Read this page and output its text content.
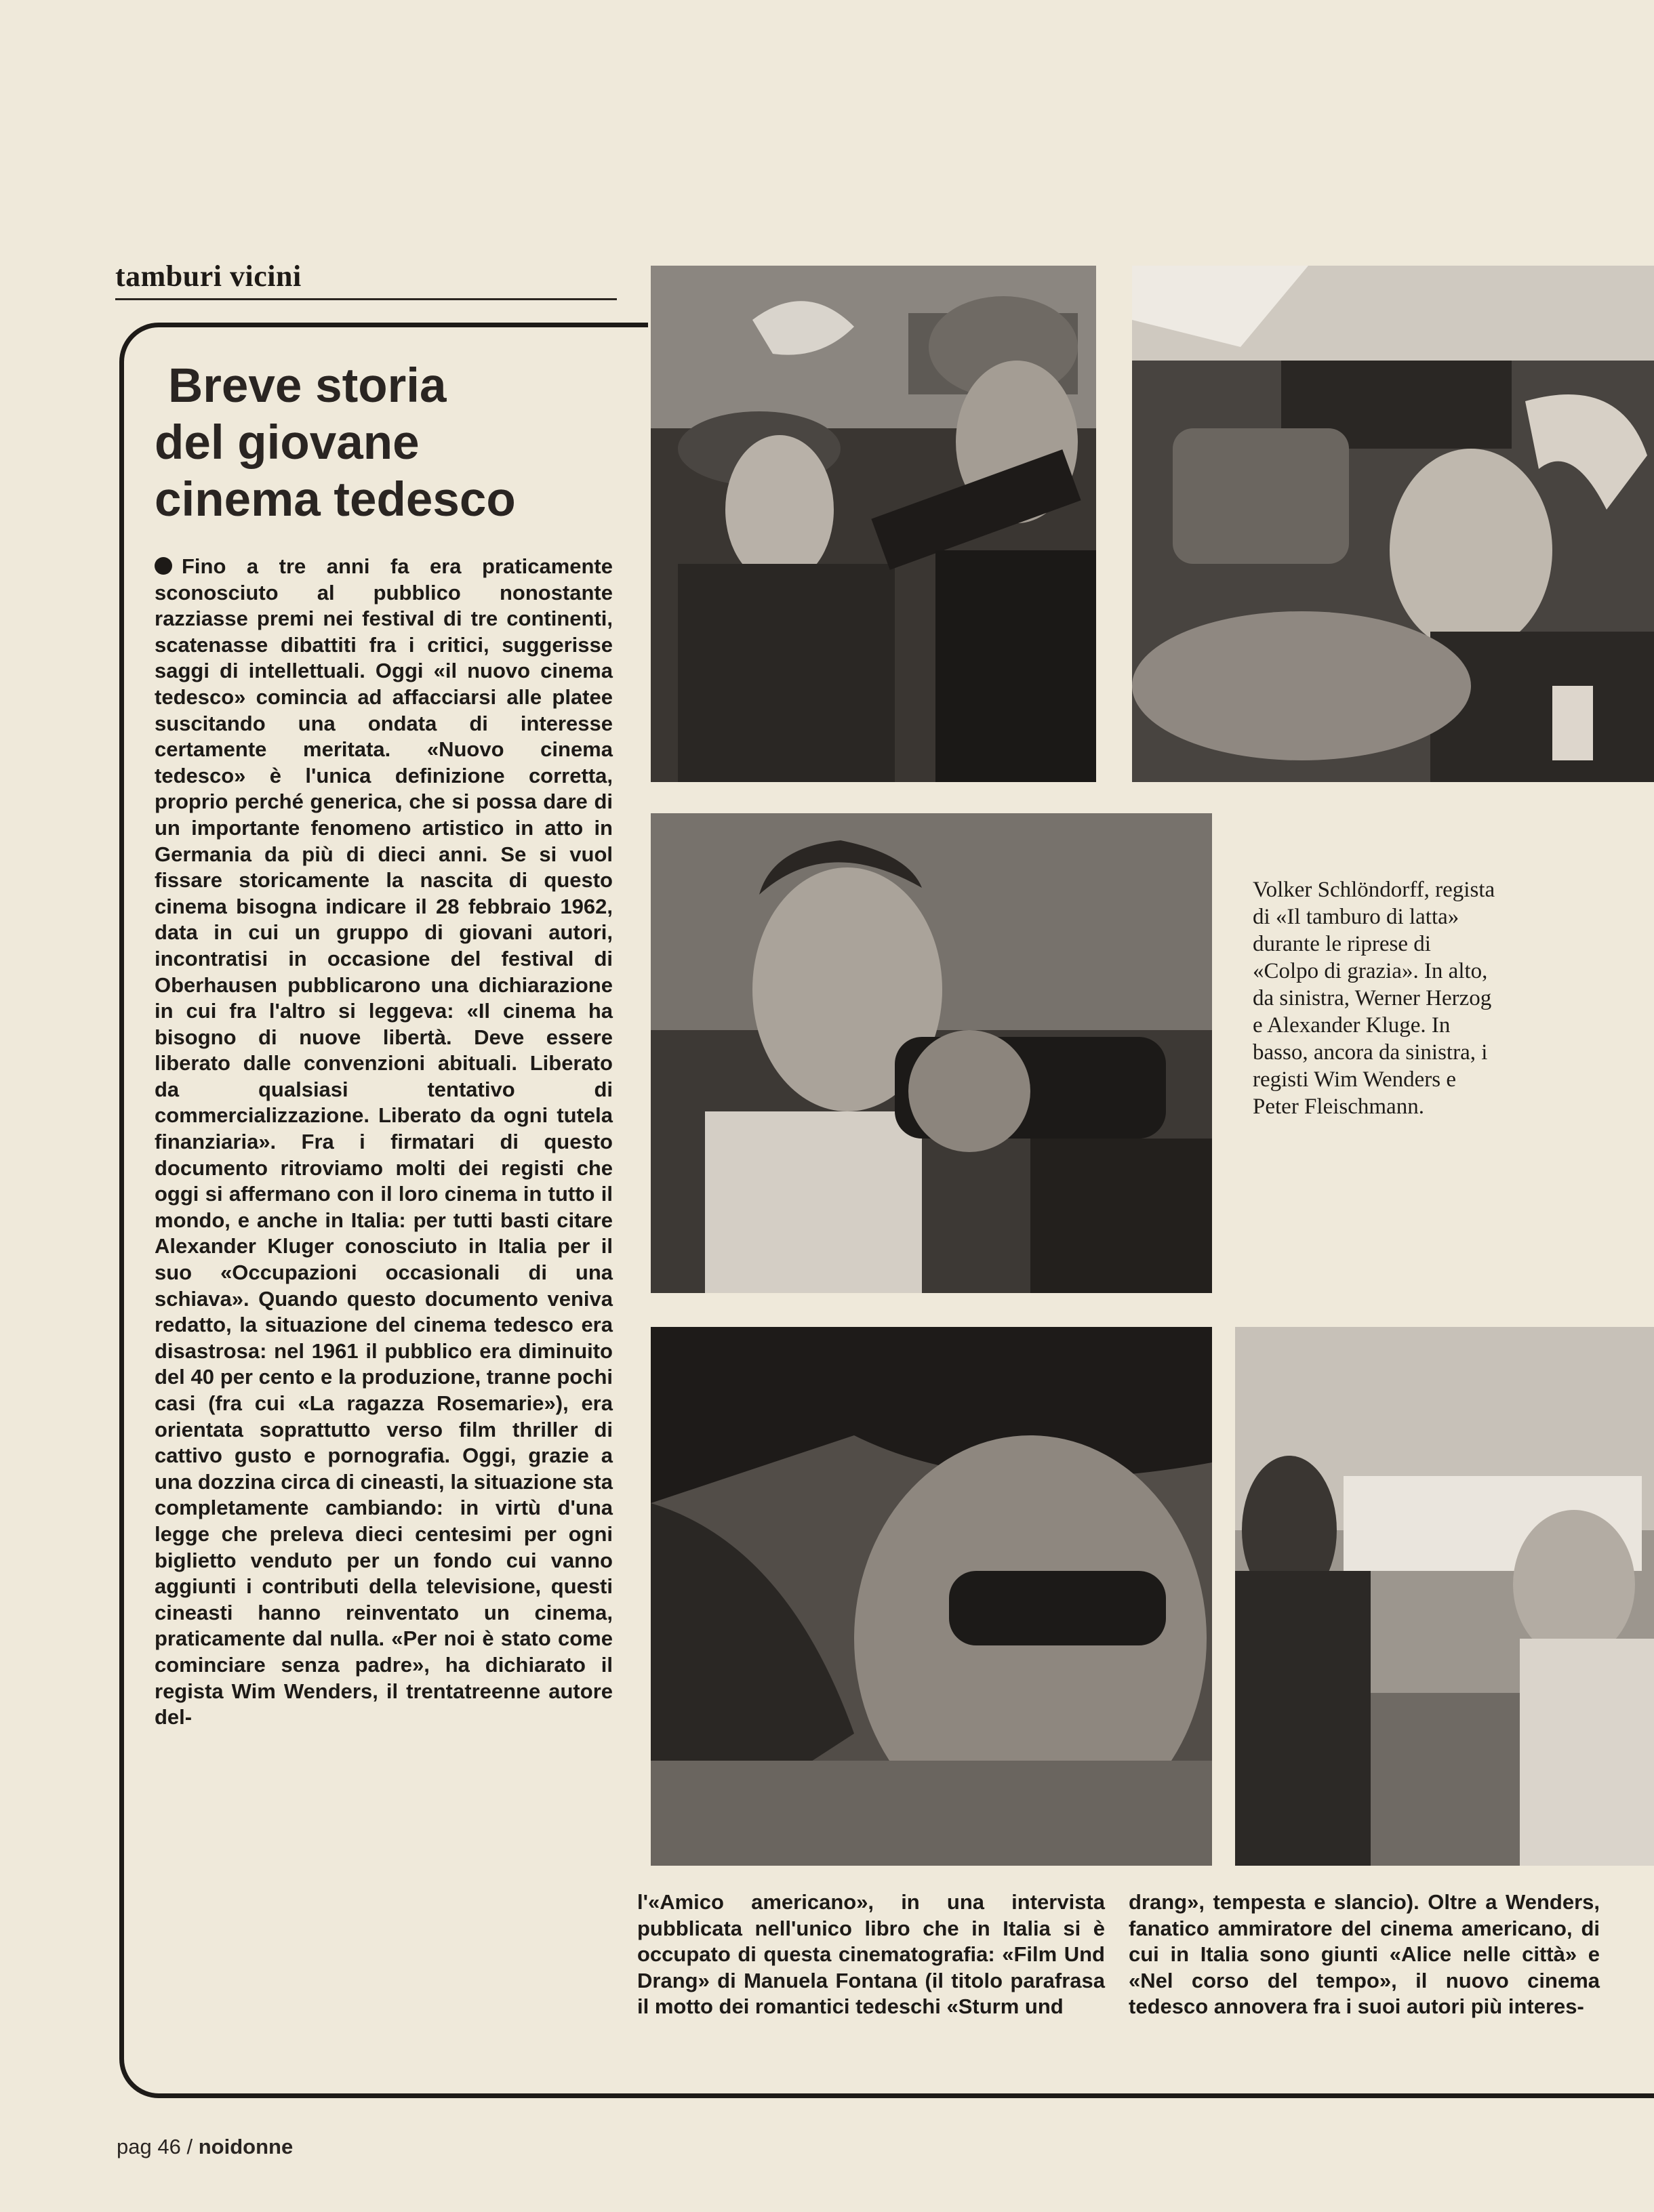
tamburi vicini
Breve storia
del giovane
cinema tedesco

Fino a tre anni fa era praticamente sconosciuto al pubblico nonostante razziasse premi nei festival di tre continenti, scatenasse dibattiti fra i critici, suggerisse saggi di intellettuali. Oggi «il nuovo cinema tedesco» comincia ad affacciarsi alle platee suscitando una ondata di interesse certamente meritata. «Nuovo cinema tedesco» è l'unica definizione corretta, proprio perché generica, che si possa dare di un importante fenomeno artistico in atto in Germania da più di dieci anni. Se si vuol fissare storicamente la nascita di questo cinema bisogna indicare il 28 febbraio 1962, data in cui un gruppo di giovani autori, incontratisi in occasione del festival di Oberhausen pubblicarono una dichiarazione in cui fra l'altro si leggeva: «Il cinema ha bisogno di nuove libertà. Deve essere liberato dalle convenzioni abituali. Liberato da qualsiasi tentativo di commercializzazione. Liberato da ogni tutela finanziaria». Fra i firmatari di questo documento ritroviamo molti dei registi che oggi si affermano con il loro cinema in tutto il mondo, e anche in Italia: per tutti basti citare Alexander Kluger conosciuto in Italia per il suo «Occupazioni occasionali di una schiava». Quando questo documento veniva redatto, la situazione del cinema tedesco era disastrosa: nel 1961 il pubblico era diminuito del 40 per cento e la produzione, tranne pochi casi (fra cui «La ragazza Rosemarie»), era orientata soprattutto verso film thriller di cattivo gusto e pornografia. Oggi, grazie a una dozzina circa di cineasti, la situazione sta completamente cambiando: in virtù d'una legge che preleva dieci centesimi per ogni biglietto venduto per un fondo cui vanno aggiunti i contributi della televisione, questi cineasti hanno reinventato un cinema, praticamente dal nulla. «Per noi è stato come cominciare senza padre», ha dichiarato il regista Wim Wenders, il trentatreenne autore del-

l'«Amico americano», in una intervista pubblicata nell'unico libro che in Italia si è occupato di questa cinematografia: «Film Und Drang» di Manuela Fontana (il titolo parafrasa il motto dei romantici tedeschi «Sturm und

drang», tempesta e slancio). Oltre a Wenders, fanatico ammiratore del cinema americano, di cui in Italia sono giunti «Alice nelle città» e «Nel corso del tempo», il nuovo cinema tedesco annovera fra i suoi autori più interes-

Volker Schlöndorff, regista di «Il tamburo di latta» durante le riprese di «Colpo di grazia». In alto, da sinistra, Werner Herzog e Alexander Kluge. In basso, ancora da sinistra, i registi Wim Wenders e Peter Fleischmann.

pag 46 / noidonne
